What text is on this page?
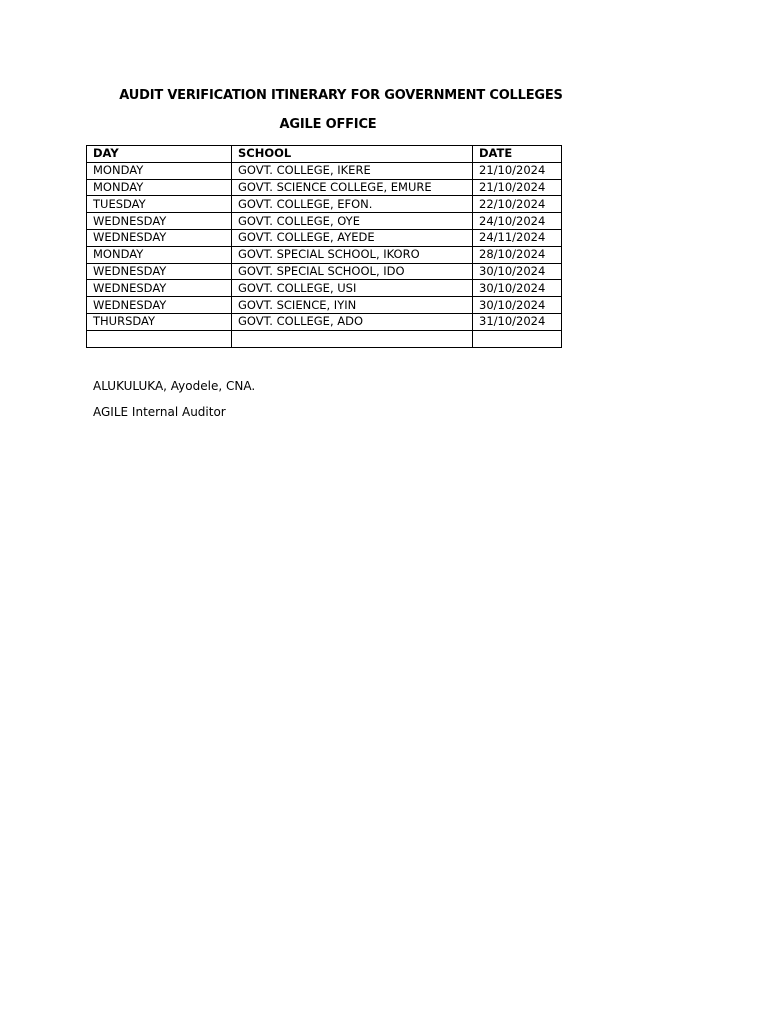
AUDIT VERIFICATION ITINERARY FOR GOVERNMENT COLLEGES
AGILE OFFICE
DAY	SCHOOL	DATE
MONDAY	GOVT. COLLEGE, IKERE	21/10/2024
MONDAY	GOVT. SCIENCE COLLEGE, EMURE	21/10/2024
TUESDAY	GOVT. COLLEGE, EFON.	22/10/2024
WEDNESDAY	GOVT. COLLEGE, OYE	24/10/2024
WEDNESDAY	GOVT. COLLEGE, AYEDE	24/11/2024
MONDAY	GOVT. SPECIAL SCHOOL, IKORO	28/10/2024
WEDNESDAY	GOVT. SPECIAL SCHOOL, IDO	30/10/2024
WEDNESDAY	GOVT. COLLEGE, USI	30/10/2024
WEDNESDAY	GOVT. SCIENCE, IYIN	30/10/2024
THURSDAY	GOVT. COLLEGE, ADO	31/10/2024

ALUKULUKA, Ayodele, CNA.

AGILE Internal Auditor
